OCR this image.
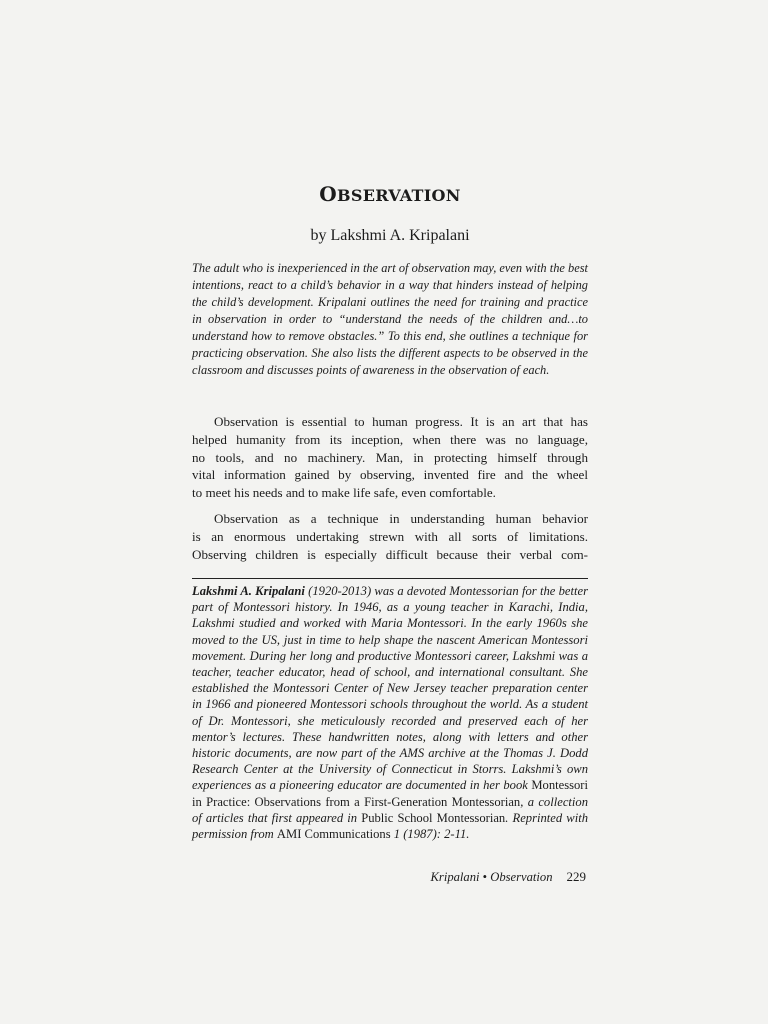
OBSERVATION
by Lakshmi A. Kripalani

The adult who is inexperienced in the art of observation may, even with the best intentions, react to a child’s behavior in a way that hinders instead of helping the child’s development. Kripalani outlines the need for training and practice in observation in order to “understand the needs of the children and…to understand how to remove obstacles.” To this end, she outlines a technique for practicing observation. She also lists the different aspects to be observed in the classroom and discusses points of awareness in the observation of each.

Observation is essential to human progress. It is an art that has
helped humanity from its inception, when there was no language,
no tools, and no machinery. Man, in protecting himself through
vital information gained by observing, invented fire and the wheel
to meet his needs and to make life safe, even comfortable.
Observation as a technique in understanding human behavior
is an enormous undertaking strewn with all sorts of limitations.
Observing children is especially difficult because their verbal com-

Lakshmi A. Kripalani (1920-2013) was a devoted Montessorian for the better part of Montessori history. In 1946, as a young teacher in Karachi, India, Lakshmi studied and worked with Maria Montessori. In the early 1960s she moved to the US, just in time to help shape the nascent American Montessori movement. During her long and productive Montessori career, Lakshmi was a teacher, teacher educator, head of school, and international consultant. She established the Montessori Center of New Jersey teacher preparation center in 1966 and pioneered Montessori schools throughout the world. As a student of Dr. Montessori, she meticulously recorded and preserved each of her mentor’s lectures. These handwritten notes, along with letters and other historic documents, are now part of the AMS archive at the Thomas J. Dodd Research Center at the University of Connecticut in Storrs. Lakshmi’s own experiences as a pioneering educator are documented in her book Montessori in Practice: Observations from a First-Generation Montessorian, a collection of articles that first appeared in Public School Montessorian. Reprinted with permission from AMI Communications 1 (1987): 2-11.

Kripalani • Observation 229
